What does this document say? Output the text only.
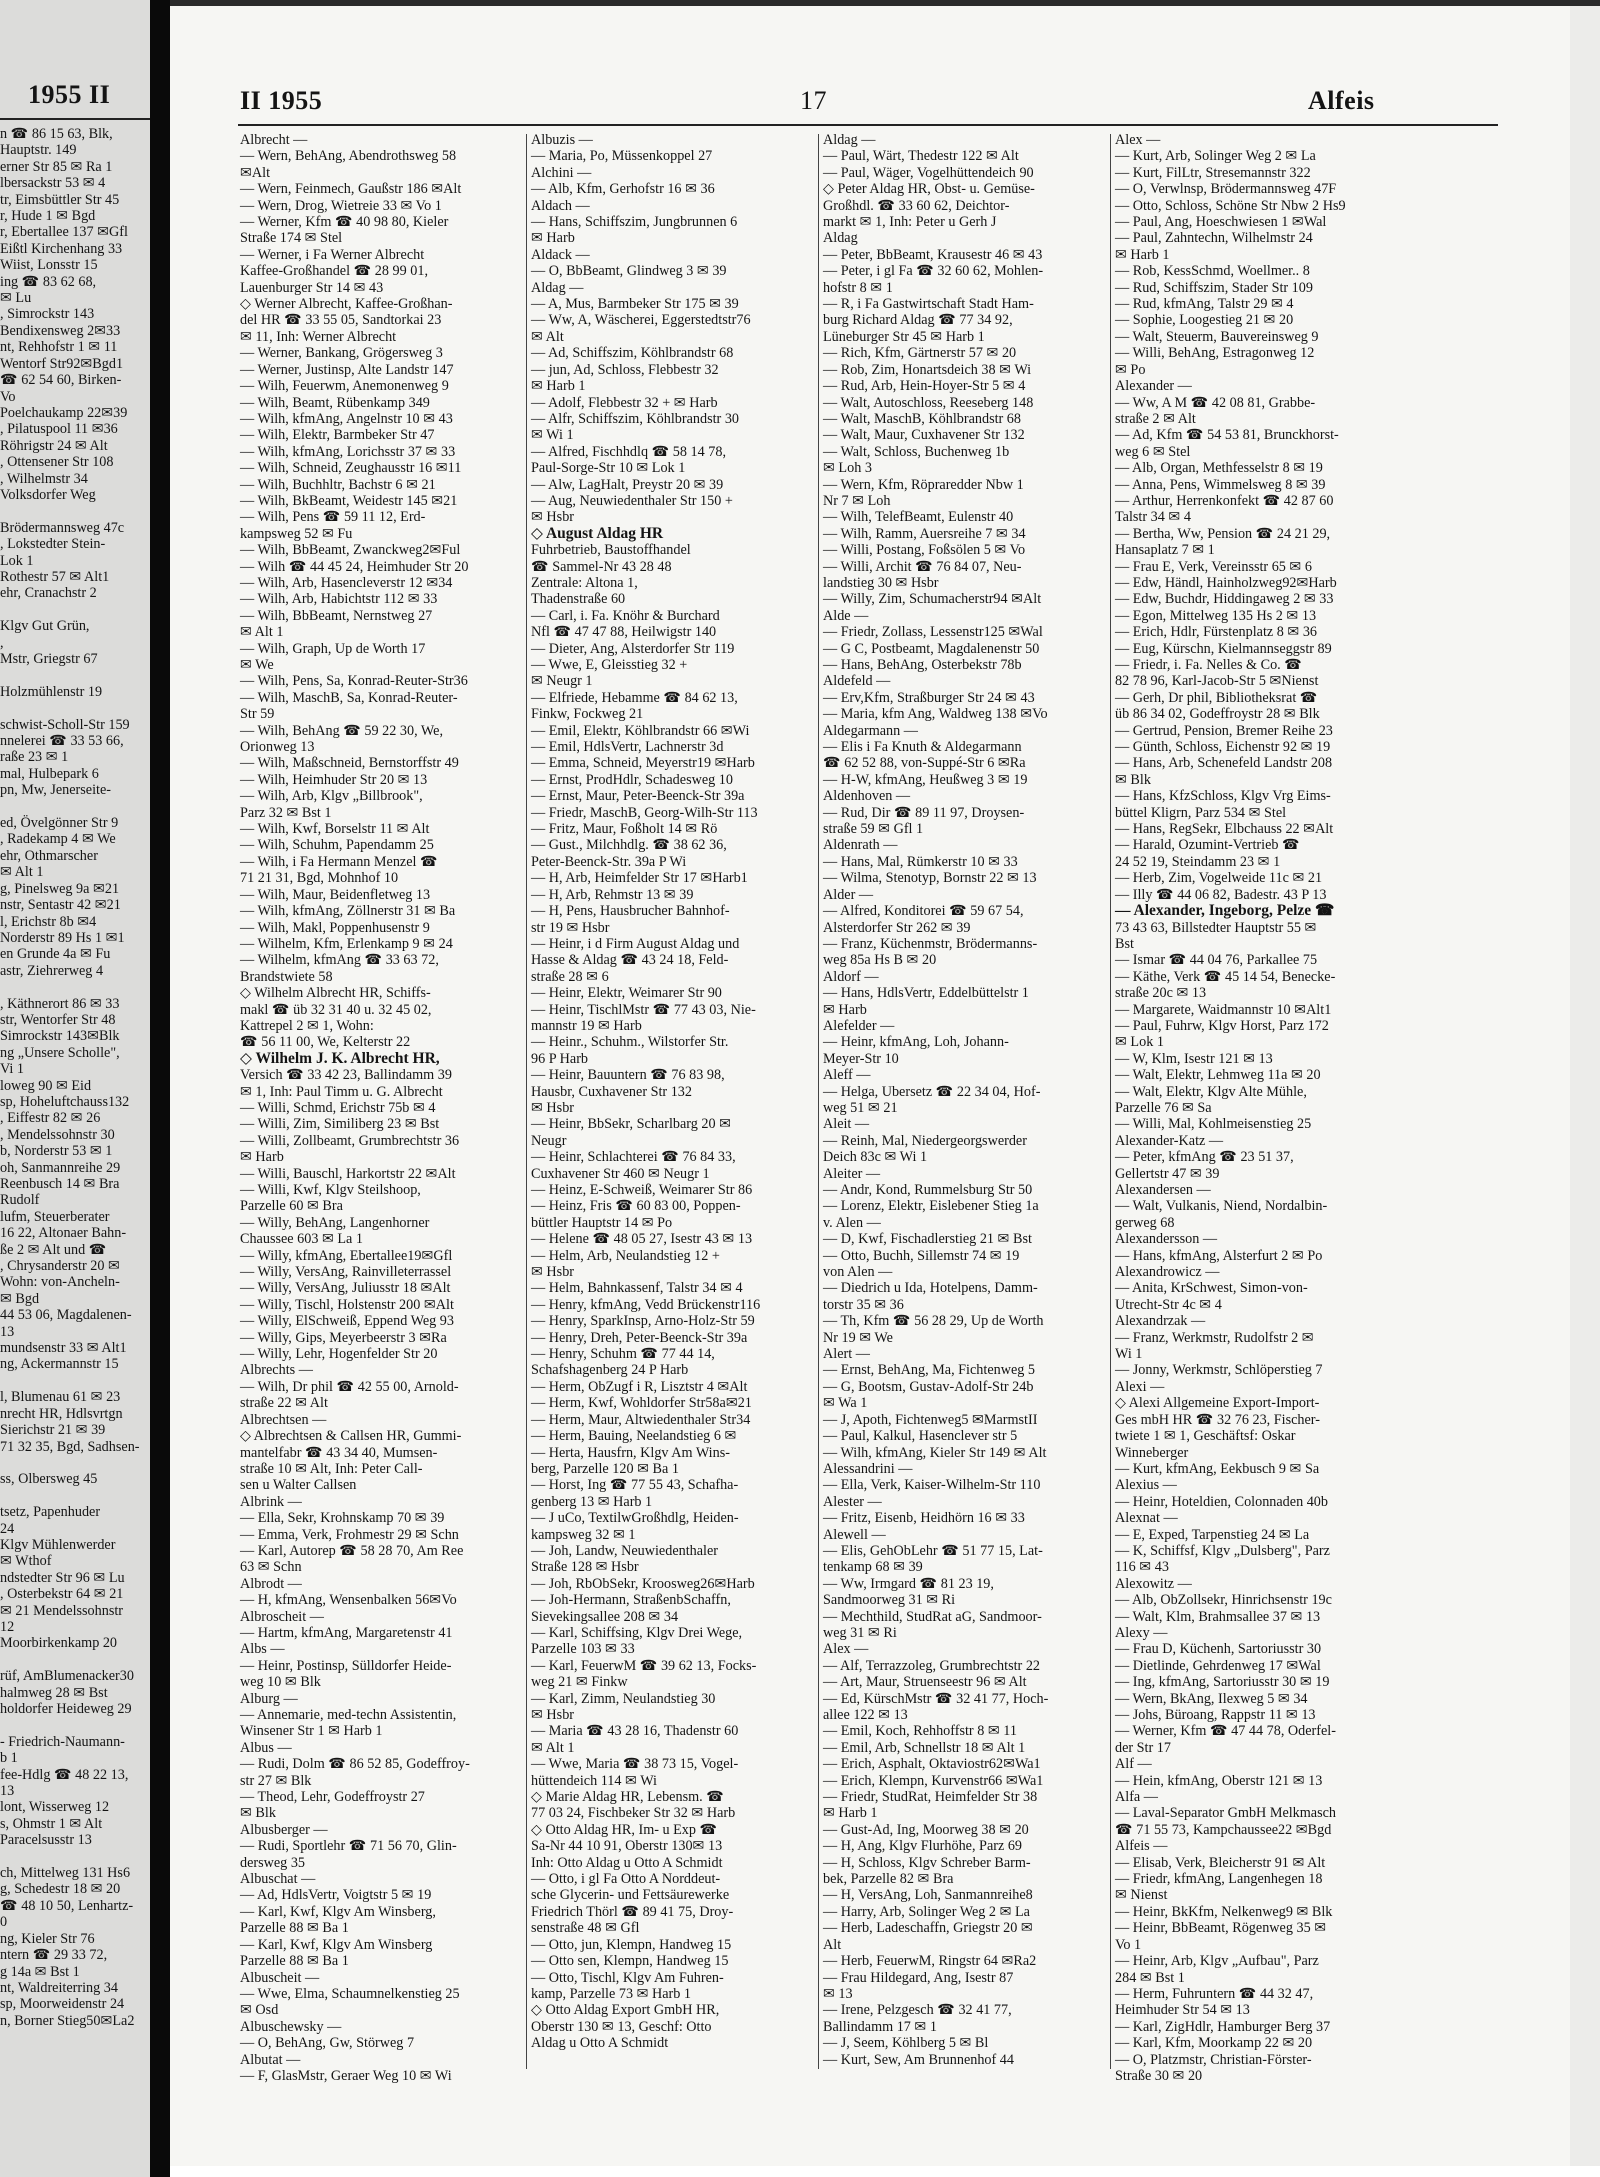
1955 II
n ☎ 86 15 63, Blk,
Hauptstr. 149
erner Str 85 ✉ Ra 1
lbersackstr 53 ✉ 4
tr, Eimsbüttler Str 45
r, Hude 1 ✉ Bgd
r, Ebertallee 137 ✉Gfl
Eißtl Kirchenhang 33
Wiist, Lonsstr 15
ing ☎ 83 62 68,
✉ Lu
, Simrockstr 143
Bendixensweg 2✉33
nt, Rehhofstr 1 ✉ 11
Wentorf Str92✉Bgd1
☎ 62 54 60, Birken-
Vo
Poelchaukamp 22✉39
, Pilatuspool 11 ✉36
Röhrigstr 24 ✉ Alt
, Ottensener Str 108
, Wilhelmstr 34
Volksdorfer Weg

Brödermannsweg 47c
, Lokstedter Stein-
Lok 1
Rothestr 57 ✉ Alt1
ehr, Cranachstr 2

Klgv Gut Grün,
,
Mstr, Griegstr 67

Holzmühlenstr 19

schwist-Scholl-Str 159
nnelerei ☎ 33 53 66,
raße 23 ✉ 1
mal, Hulbepark 6
pn, Mw, Jenerseite-

ed, Övelgönner Str 9
, Radekamp 4 ✉ We
ehr, Othmarscher
✉ Alt 1
g, Pinelsweg 9a ✉21
nstr, Sentastr 42 ✉21
l, Erichstr 8b ✉4
Norderstr 89 Hs 1 ✉1
en Grunde 4a ✉ Fu
astr, Ziehrerweg 4

, Käthnerort 86 ✉ 33
str, Wentorfer Str 48
Simrockstr 143✉Blk
ng „Unsere Scholle",
Vi 1
loweg 90 ✉ Eid
sp, Hoheluftchauss132
, Eiffestr 82 ✉ 26
, Mendelssohnstr 30
b, Norderstr 53 ✉ 1
oh, Sanmannreihe 29
Reenbusch 14 ✉ Bra
Rudolf
lufm, Steuerberater
16 22, Altonaer Bahn-
ße 2 ✉ Alt und ☎
, Chrysanderstr 20 ✉
Wohn: von-Ancheln-
✉ Bgd
44 53 06, Magdalenen-
13
mundsenstr 33 ✉ Alt1
ng, Ackermannstr 15

l, Blumenau 61 ✉ 23
nrecht HR, Hdlsvrtgn
Sierichstr 21 ✉ 39
71 32 35, Bgd, Sadhsen-

ss, Olbersweg 45

tsetz, Papenhuder
24
Klgv Mühlenwerder
✉ Wthof
ndstedter Str 96 ✉ Lu
, Osterbekstr 64 ✉ 21
✉ 21 Mendelssohnstr
12
Moorbirkenkamp 20

rüf, AmBlumenacker30
halmweg 28 ✉ Bst
holdorfer Heideweg 29

- Friedrich-Naumann-
b 1
fee-Hdlg ☎ 48 22 13,
13
lont, Wisserweg 12
s, Ohmstr 1 ✉ Alt
Paracelsusstr 13

ch, Mittelweg 131 Hs6
g, Schedestr 18 ✉ 20
☎ 48 10 50, Lenhartz-
0
ng, Kieler Str 76
ntern ☎ 29 33 72,
g 14a ✉ Bst 1
nt, Waldreiterring 34
sp, Moorweidenstr 24
n, Borner Stieg50✉La2
II 1955	17	Alfeis
Albrecht —
— Wern, BehAng, Abendrothsweg 58
✉Alt
— Wern, Feinmech, Gaußstr 186 ✉Alt
— Wern, Drog, Wietreie 33 ✉ Vo 1
— Werner, Kfm ☎ 40 98 80, Kieler
Straße 174 ✉ Stel
— Werner, i Fa Werner Albrecht
Kaffee-Großhandel ☎ 28 99 01,
Lauenburger Str 14 ✉ 43
◇ Werner Albrecht, Kaffee-Großhan-
del HR ☎ 33 55 05, Sandtorkai 23
✉ 11, Inh: Werner Albrecht
— Werner, Bankang, Grögersweg 3
— Werner, Justinsp, Alte Landstr 147
— Wilh, Feuerwm, Anemonenweg 9
— Wilh, Beamt, Rübenkamp 349
— Wilh, kfmAng, Angelnstr 10 ✉ 43
— Wilh, Elektr, Barmbeker Str 47
— Wilh, kfmAng, Lorichsstr 37 ✉ 33
— Wilh, Schneid, Zeughausstr 16 ✉11
— Wilh, Buchhltr, Bachstr 6 ✉ 21
— Wilh, BkBeamt, Weidestr 145 ✉21
— Wilh, Pens ☎ 59 11 12, Erd-
kampsweg 52 ✉ Fu
— Wilh, BbBeamt, Zwanckweg2✉Ful
— Wilh ☎ 44 45 24, Heimhuder Str 20
— Wilh, Arb, Hasencleverstr 12 ✉34
— Wilh, Arb, Habichtstr 112 ✉ 33
— Wilh, BbBeamt, Nernstweg 27
✉ Alt 1
— Wilh, Graph, Up de Worth 17
✉ We
— Wilh, Pens, Sa, Konrad-Reuter-Str36
— Wilh, MaschB, Sa, Konrad-Reuter-
Str 59
— Wilh, BehAng ☎ 59 22 30, We,
Orionweg 13
— Wilh, Maßschneid, Bernstorffstr 49
— Wilh, Heimhuder Str 20 ✉ 13
— Wilh, Arb, Klgv „Billbrook",
Parz 32 ✉ Bst 1
— Wilh, Kwf, Borselstr 11 ✉ Alt
— Wilh, Schuhm, Papendamm 25
— Wilh, i Fa Hermann Menzel ☎
71 21 31, Bgd, Mohnhof 10
— Wilh, Maur, Beidenfletweg 13
— Wilh, kfmAng, Zöllnerstr 31 ✉ Ba
— Wilh, Makl, Poppenhusenstr 9
— Wilhelm, Kfm, Erlenkamp 9 ✉ 24
— Wilhelm, kfmAng ☎ 33 63 72,
Brandstwiete 58
◇ Wilhelm Albrecht HR, Schiffs-
makl ☎ üb 32 31 40 u. 32 45 02,
Kattrepel 2 ✉ 1, Wohn:
☎ 56 11 00, We, Kelterstr 22
◇ Wilhelm J. K. Albrecht HR,
Versich ☎ 33 42 23, Ballindamm 39
✉ 1, Inh: Paul Timm u. G. Albrecht
— Willi, Schmd, Erichstr 75b ✉ 4
— Willi, Zim, Similiberg 23 ✉ Bst
— Willi, Zollbeamt, Grumbrechtstr 36
✉ Harb
— Willi, Bauschl, Harkortstr 22 ✉Alt
— Willi, Kwf, Klgv Steilshoop,
Parzelle 60 ✉ Bra
— Willy, BehAng, Langenhorner
Chaussee 603 ✉ La 1
— Willy, kfmAng, Ebertallee19✉Gfl
— Willy, VersAng, Rainvilleterrassel
— Willy, VersAng, Juliusstr 18 ✉Alt
— Willy, Tischl, Holstenstr 200 ✉Alt
— Willy, ElSchweiß, Eppend Weg 93
— Willy, Gips, Meyerbeerstr 3 ✉Ra
— Willy, Lehr, Hogenfelder Str 20
Albrechts —
— Wilh, Dr phil ☎ 42 55 00, Arnold-
straße 22 ✉ Alt
Albrechtsen —
◇ Albrechtsen & Callsen HR, Gummi-
mantelfabr ☎ 43 34 40, Mumsen-
straße 10 ✉ Alt, Inh: Peter Call-
sen u Walter Callsen
Albrink —
— Ella, Sekr, Krohnskamp 70 ✉ 39
— Emma, Verk, Frohmestr 29 ✉ Schn
— Karl, Autorep ☎ 58 28 70, Am Ree
63 ✉ Schn
Albrodt —
— H, kfmAng, Wensenbalken 56✉Vo
Albroscheit —
— Hartm, kfmAng, Margaretenstr 41
Albs —
— Heinr, Postinsp, Sülldorfer Heide-
weg 10 ✉ Blk
Alburg —
— Annemarie, med-techn Assistentin,
Winsener Str 1 ✉ Harb 1
Albus —
— Rudi, Dolm ☎ 86 52 85, Godeffroy-
str 27 ✉ Blk
— Theod, Lehr, Godeffroystr 27
✉ Blk
Albusberger —
— Rudi, Sportlehr ☎ 71 56 70, Glin-
dersweg 35
Albuschat —
— Ad, HdlsVertr, Voigtstr 5 ✉ 19
— Karl, Kwf, Klgv Am Winsberg,
Parzelle 88 ✉ Ba 1
— Karl, Kwf, Klgv Am Winsberg
Parzelle 88 ✉ Ba 1
Albuscheit —
— Wwe, Elma, Schaumnelkenstieg 25
✉ Osd
Albuschewsky —
— O, BehAng, Gw, Störweg 7
Albutat —
— F, GlasMstr, Geraer Weg 10 ✉ Wi
Albuzis —
— Maria, Po, Müssenkoppel 27
Alchini —
— Alb, Kfm, Gerhofstr 16 ✉ 36
Aldach —
— Hans, Schiffszim, Jungbrunnen 6
✉ Harb
Aldack —
— O, BbBeamt, Glindweg 3 ✉ 39
Aldag —
— A, Mus, Barmbeker Str 175 ✉ 39
— Ww, A, Wäscherei, Eggerstedtstr76
✉ Alt
— Ad, Schiffszim, Köhlbrandstr 68
— jun, Ad, Schloss, Flebbestr 32
✉ Harb 1
— Adolf, Flebbestr 32 + ✉ Harb
— Alfr, Schiffszim, Köhlbrandstr 30
✉ Wi 1
— Alfred, Fischhdlq ☎ 58 14 78,
Paul-Sorge-Str 10 ✉ Lok 1
— Alw, LagHalt, Preystr 20 ✉ 39
— Aug, Neuwiedenthaler Str 150 +
✉ Hsbr
◇ August Aldag HR
Fuhrbetrieb, Baustoffhandel
☎ Sammel-Nr 43 28 48
Zentrale: Altona 1,
Thadenstraße 60
— Carl, i. Fa. Knöhr & Burchard
Nfl ☎ 47 47 88, Heilwigstr 140
— Dieter, Ang, Alsterdorfer Str 119
— Wwe, E, Gleisstieg 32 +
✉ Neugr 1
— Elfriede, Hebamme ☎ 84 62 13,
Finkw, Fockweg 21
— Emil, Elektr, Köhlbrandstr 66 ✉Wi
— Emil, HdlsVertr, Lachnerstr 3d
— Emma, Schneid, Meyerstr19 ✉Harb
— Ernst, ProdHdlr, Schadesweg 10
— Ernst, Maur, Peter-Beenck-Str 39a
— Friedr, MaschB, Georg-Wilh-Str 113
— Fritz, Maur, Foßholt 14 ✉ Rö
— Gust., Milchhdlg. ☎ 38 62 36,
Peter-Beenck-Str. 39a P Wi
— H, Arb, Heimfelder Str 17 ✉Harb1
— H, Arb, Rehmstr 13 ✉ 39
— H, Pens, Hausbrucher Bahnhof-
str 19 ✉ Hsbr
— Heinr, i d Firm August Aldag und
Hasse & Aldag ☎ 43 24 18, Feld-
straße 28 ✉ 6
— Heinr, Elektr, Weimarer Str 90
— Heinr, TischlMstr ☎ 77 43 03, Nie-
mannstr 19 ✉ Harb
— Heinr., Schuhm., Wilstorfer Str.
96 P Harb
— Heinr, Bauuntern ☎ 76 83 98,
Hausbr, Cuxhavener Str 132
✉ Hsbr
— Heinr, BbSekr, Scharlbarg 20 ✉
Neugr
— Heinr, Schlachterei ☎ 76 84 33,
Cuxhavener Str 460 ✉ Neugr 1
— Heinz, E-Schweiß, Weimarer Str 86
— Heinz, Fris ☎ 60 83 00, Poppen-
büttler Hauptstr 14 ✉ Po
— Helene ☎ 48 05 27, Isestr 43 ✉ 13
— Helm, Arb, Neulandstieg 12 +
✉ Hsbr
— Helm, Bahnkassenf, Talstr 34 ✉ 4
— Henry, kfmAng, Vedd Brückenstr116
— Henry, SparkInsp, Arno-Holz-Str 59
— Henry, Dreh, Peter-Beenck-Str 39a
— Henry, Schuhm ☎ 77 44 14,
Schafshagenberg 24 P Harb
— Herm, ObZugf i R, Lisztstr 4 ✉Alt
— Herm, Kwf, Wohldorfer Str58a✉21
— Herm, Maur, Altwiedenthaler Str34
— Herm, Bauing, Neelandstieg 6 ✉
— Herta, Hausfrn, Klgv Am Wins-
berg, Parzelle 120 ✉ Ba 1
— Horst, Ing ☎ 77 55 43, Schafha-
genberg 13 ✉ Harb 1
— J uCo, TextilwGroßhdlg, Heiden-
kampsweg 32 ✉ 1
— Joh, Landw, Neuwiedenthaler
Straße 128 ✉ Hsbr
— Joh, RbObSekr, Kroosweg26✉Harb
— Joh-Hermann, StraßenbSchaffn,
Sievekingsallee 208 ✉ 34
— Karl, Schiffsing, Klgv Drei Wege,
Parzelle 103 ✉ 33
— Karl, FeuerwM ☎ 39 62 13, Focks-
weg 21 ✉ Finkw
— Karl, Zimm, Neulandstieg 30
✉ Hsbr
— Maria ☎ 43 28 16, Thadenstr 60
✉ Alt 1
— Wwe, Maria ☎ 38 73 15, Vogel-
hüttendeich 114 ✉ Wi
◇ Marie Aldag HR, Lebensm. ☎
77 03 24, Fischbeker Str 32 ✉ Harb
◇ Otto Aldag HR, Im- u Exp ☎
Sa-Nr 44 10 91, Oberstr 130✉ 13
Inh: Otto Aldag u Otto A Schmidt
— Otto, i gl Fa Otto A Norddeut-
sche Glycerin- und Fettsäurewerke
Friedrich Thörl ☎ 89 41 75, Droy-
senstraße 48 ✉ Gfl
— Otto, jun, Klempn, Handweg 15
— Otto sen, Klempn, Handweg 15
— Otto, Tischl, Klgv Am Fuhren-
kamp, Parzelle 73 ✉ Harb 1
◇ Otto Aldag Export GmbH HR,
Oberstr 130 ✉ 13, Geschf: Otto
Aldag u Otto A Schmidt
Aldag —
— Paul, Wärt, Thedestr 122 ✉ Alt
— Paul, Wäger, Vogelhüttendeich 90
◇ Peter Aldag HR, Obst- u. Gemüse-
Großhdl. ☎ 33 60 62, Deichtor-
markt ✉ 1, Inh: Peter u Gerh J
Aldag
— Peter, BbBeamt, Krausestr 46 ✉ 43
— Peter, i gl Fa ☎ 32 60 62, Mohlen-
hofstr 8 ✉ 1
— R, i Fa Gastwirtschaft Stadt Ham-
burg Richard Aldag ☎ 77 34 92,
Lüneburger Str 45 ✉ Harb 1
— Rich, Kfm, Gärtnerstr 57 ✉ 20
— Rob, Zim, Honartsdeich 38 ✉ Wi
— Rud, Arb, Hein-Hoyer-Str 5 ✉ 4
— Walt, Autoschloss, Reeseberg 148
— Walt, MaschB, Köhlbrandstr 68
— Walt, Maur, Cuxhavener Str 132
— Walt, Schloss, Buchenweg 1b
✉ Loh 3
— Wern, Kfm, Röpraredder Nbw 1
Nr 7 ✉ Loh
— Wilh, TelefBeamt, Eulenstr 40
— Wilh, Ramm, Auersreihe 7 ✉ 34
— Willi, Postang, Foßsölen 5 ✉ Vo
— Willi, Archit ☎ 76 84 07, Neu-
landstieg 30 ✉ Hsbr
— Willy, Zim, Schumacherstr94 ✉Alt
Alde —
— Friedr, Zollass, Lessenstr125 ✉Wal
— G C, Postbeamt, Magdalenenstr 50
— Hans, BehAng, Osterbekstr 78b
Aldefeld —
— Erv,Kfm, Straßburger Str 24 ✉ 43
— Maria, kfm Ang, Waldweg 138 ✉Vo
Aldegarmann —
— Elis i Fa Knuth & Aldegarmann
☎ 62 52 88, von-Suppé-Str 6 ✉Ra
— H-W, kfmAng, Heußweg 3 ✉ 19
Aldenhoven —
— Rud, Dir ☎ 89 11 97, Droysen-
straße 59 ✉ Gfl 1
Aldenrath —
— Hans, Mal, Rümkerstr 10 ✉ 33
— Wilma, Stenotyp, Bornstr 22 ✉ 13
Alder —
— Alfred, Konditorei ☎ 59 67 54,
Alsterdorfer Str 262 ✉ 39
— Franz, Küchenmstr, Brödermanns-
weg 85a Hs B ✉ 20
Aldorf —
— Hans, HdlsVertr, Eddelbüttelstr 1
✉ Harb
Alefelder —
— Heinr, kfmAng, Loh, Johann-
Meyer-Str 10
Aleff —
— Helga, Ubersetz ☎ 22 34 04, Hof-
weg 51 ✉ 21
Aleit —
— Reinh, Mal, Niedergeorgswerder
Deich 83c ✉ Wi 1
Aleiter —
— Andr, Kond, Rummelsburg Str 50
— Lorenz, Elektr, Eislebener Stieg 1a
v. Alen —
— D, Kwf, Fischadlerstieg 21 ✉ Bst
— Otto, Buchh, Sillemstr 74 ✉ 19
von Alen —
— Diedrich u Ida, Hotelpens, Damm-
torstr 35 ✉ 36
— Th, Kfm ☎ 56 28 29, Up de Worth
Nr 19 ✉ We
Alert —
— Ernst, BehAng, Ma, Fichtenweg 5
— G, Bootsm, Gustav-Adolf-Str 24b
✉ Wa 1
— J, Apoth, Fichtenweg5 ✉MarmstII
— Paul, Kalkul, Hasenclever str 5
— Wilh, kfmAng, Kieler Str 149 ✉ Alt
Alessandrini —
— Ella, Verk, Kaiser-Wilhelm-Str 110
Alester —
— Fritz, Eisenb, Heidhörn 16 ✉ 33
Alewell —
— Elis, GehObLehr ☎ 51 77 15, Lat-
tenkamp 68 ✉ 39
— Ww, Irmgard ☎ 81 23 19,
Sandmoorweg 31 ✉ Ri
— Mechthild, StudRat aG, Sandmoor-
weg 31 ✉ Ri
Alex —
— Alf, Terrazzoleg, Grumbrechtstr 22
— Art, Maur, Struenseestr 96 ✉ Alt
— Ed, KürschMstr ☎ 32 41 77, Hoch-
allee 122 ✉ 13
— Emil, Koch, Rehhoffstr 8 ✉ 11
— Emil, Arb, Schnellstr 18 ✉ Alt 1
— Erich, Asphalt, Oktaviostr62✉Wa1
— Erich, Klempn, Kurvenstr66 ✉Wa1
— Friedr, StudRat, Heimfelder Str 38
✉ Harb 1
— Gust-Ad, Ing, Moorweg 38 ✉ 20
— H, Ang, Klgv Flurhöhe, Parz 69
— H, Schloss, Klgv Schreber Barm-
bek, Parzelle 82 ✉ Bra
— H, VersAng, Loh, Sanmannreihe8
— Harry, Arb, Solinger Weg 2 ✉ La
— Herb, Ladeschaffn, Griegstr 20 ✉
Alt
— Herb, FeuerwM, Ringstr 64 ✉Ra2
— Frau Hildegard, Ang, Isestr 87
✉ 13
— Irene, Pelzgesch ☎ 32 41 77,
Ballindamm 17 ✉ 1
— J, Seem, Köhlberg 5 ✉ Bl
— Kurt, Sew, Am Brunnenhof 44
Alex —
— Kurt, Arb, Solinger Weg 2 ✉ La
— Kurt, FilLtr, Stresemannstr 322
— O, Verwlnsp, Brödermannsweg 47F
— Otto, Schloss, Schöne Str Nbw 2 Hs9
— Paul, Ang, Hoeschwiesen 1 ✉Wal
— Paul, Zahntechn, Wilhelmstr 24
✉ Harb 1
— Rob, KessSchmd, Woellmer.. 8
— Rud, Schiffszim, Stader Str 109
— Rud, kfmAng, Talstr 29 ✉ 4
— Sophie, Loogestieg 21 ✉ 20
— Walt, Steuerm, Bauvereinsweg 9
— Willi, BehAng, Estragonweg 12
✉ Po
Alexander —
— Ww, A M ☎ 42 08 81, Grabbe-
straße 2 ✉ Alt
— Ad, Kfm ☎ 54 53 81, Brunckhorst-
weg 6 ✉ Stel
— Alb, Organ, Methfesselstr 8 ✉ 19
— Anna, Pens, Wimmelsweg 8 ✉ 39
— Arthur, Herrenkonfekt ☎ 42 87 60
Talstr 34 ✉ 4
— Bertha, Ww, Pension ☎ 24 21 29,
Hansaplatz 7 ✉ 1
— Frau E, Verk, Vereinsstr 65 ✉ 6
— Edw, Händl, Hainholzweg92✉Harb
— Edw, Buchdr, Hiddingaweg 2 ✉ 33
— Egon, Mittelweg 135 Hs 2 ✉ 13
— Erich, Hdlr, Fürstenplatz 8 ✉ 36
— Eug, Kürschn, Kielmannseggstr 89
— Friedr, i. Fa. Nelles & Co. ☎
82 78 96, Karl-Jacob-Str 5 ✉Nienst
— Gerh, Dr phil, Bibliotheksrat ☎
üb 86 34 02, Godeffroystr 28 ✉ Blk
— Gertrud, Pension, Bremer Reihe 23
— Günth, Schloss, Eichenstr 92 ✉ 19
— Hans, Arb, Schenefeld Landstr 208
✉ Blk
— Hans, KfzSchloss, Klgv Vrg Eims-
büttel Kligrn, Parz 534 ✉ Stel
— Hans, RegSekr, Elbchauss 22 ✉Alt
— Harald, Ozumint-Vertrieb ☎
24 52 19, Steindamm 23 ✉ 1
— Herb, Zim, Vogelweide 11c ✉ 21
— Illy ☎ 44 06 82, Badestr. 43 P 13
— Alexander, Ingeborg, Pelze ☎
73 43 63, Billstedter Hauptstr 55 ✉
Bst
— Ismar ☎ 44 04 76, Parkallee 75
— Käthe, Verk ☎ 45 14 54, Benecke-
straße 20c ✉ 13
— Margarete, Waidmannstr 10 ✉Alt1
— Paul, Fuhrw, Klgv Horst, Parz 172
✉ Lok 1
— W, Klm, Isestr 121 ✉ 13
— Walt, Elektr, Lehmweg 11a ✉ 20
— Walt, Elektr, Klgv Alte Mühle,
Parzelle 76 ✉ Sa
— Willi, Mal, Kohlmeisenstieg 25
Alexander-Katz —
— Peter, kfmAng ☎ 23 51 37,
Gellertstr 47 ✉ 39
Alexandersen —
— Walt, Vulkanis, Niend, Nordalbin-
gerweg 68
Alexandersson —
— Hans, kfmAng, Alsterfurt 2 ✉ Po
Alexandrowicz —
— Anita, KrSchwest, Simon-von-
Utrecht-Str 4c ✉ 4
Alexandrzak —
— Franz, Werkmstr, Rudolfstr 2 ✉
Wi 1
— Jonny, Werkmstr, Schlöperstieg 7
Alexi —
◇ Alexi Allgemeine Export-Import-
Ges mbH HR ☎ 32 76 23, Fischer-
twiete 1 ✉ 1, Geschäftsf: Oskar
Winneberger
— Kurt, kfmAng, Eekbusch 9 ✉ Sa
Alexius —
— Heinr, Hoteldien, Colonnaden 40b
Alexnat —
— E, Exped, Tarpenstieg 24 ✉ La
— K, Schiffsf, Klgv „Dulsberg", Parz
116 ✉ 43
Alexowitz —
— Alb, ObZollsekr, Hinrichsenstr 19c
— Walt, Klm, Brahmsallee 37 ✉ 13
Alexy —
— Frau D, Küchenh, Sartoriusstr 30
— Dietlinde, Gehrdenweg 17 ✉Wal
— Ing, kfmAng, Sartoriusstr 30 ✉ 19
— Wern, BkAng, Ilexweg 5 ✉ 34
— Johs, Büroang, Rappstr 11 ✉ 13
— Werner, Kfm ☎ 47 44 78, Oderfel-
der Str 17
Alf —
— Hein, kfmAng, Oberstr 121 ✉ 13
Alfa —
— Laval-Separator GmbH Melkmasch
☎ 71 55 73, Kampchaussee22 ✉Bgd
Alfeis —
— Elisab, Verk, Bleicherstr 91 ✉ Alt
— Friedr, kfmAng, Langenhegen 18
✉ Nienst
— Heinr, BkKfm, Nelkenweg9 ✉ Blk
— Heinr, BbBeamt, Rögenweg 35 ✉
Vo 1
— Heinr, Arb, Klgv „Aufbau", Parz
284 ✉ Bst 1
— Herm, Fuhruntern ☎ 44 32 47,
Heimhuder Str 54 ✉ 13
— Karl, ZigHdlr, Hamburger Berg 37
— Karl, Kfm, Moorkamp 22 ✉ 20
— O, Platzmstr, Christian-Förster-
Straße 30 ✉ 20
